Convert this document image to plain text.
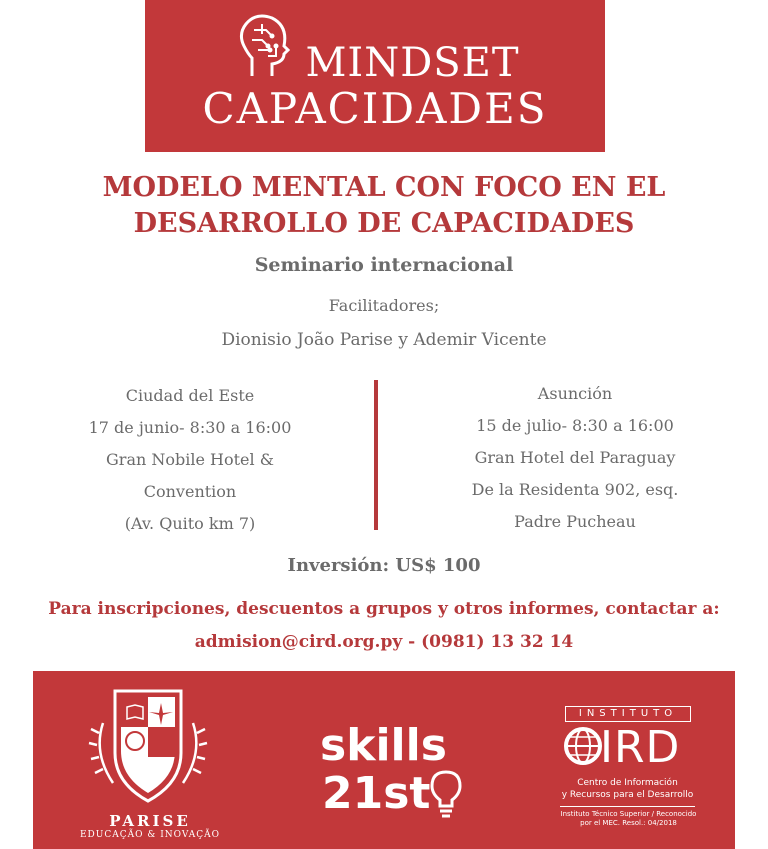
MINDSET
CAPACIDADES
MODELO MENTAL CON FOCO EN EL
DESARROLLO DE CAPACIDADES
Seminario internacional
Facilitadores;
Dionisio João Parise y Ademir Vicente
Ciudad del Este
17 de junio- 8:30 a 16:00
Gran Nobile Hotel &
Convention
(Av. Quito km 7)
Asunción
15 de julio- 8:30 a 16:00
Gran Hotel del Paraguay
De la Residenta 902, esq.
Padre Pucheau
Inversión: US$ 100
Para inscripciones, descuentos a grupos y otros informes, contactar a:
admision@cird.org.py - (0981) 13 32 14
PARISE
EDUCAÇÃO & INOVAÇÃO
skills
21st
INSTITUTO
IRD
Centro de Información
y Recursos para el Desarrollo
Instituto Técnico Superior / Reconocido
por el MEC. Resol.: 04/2018
